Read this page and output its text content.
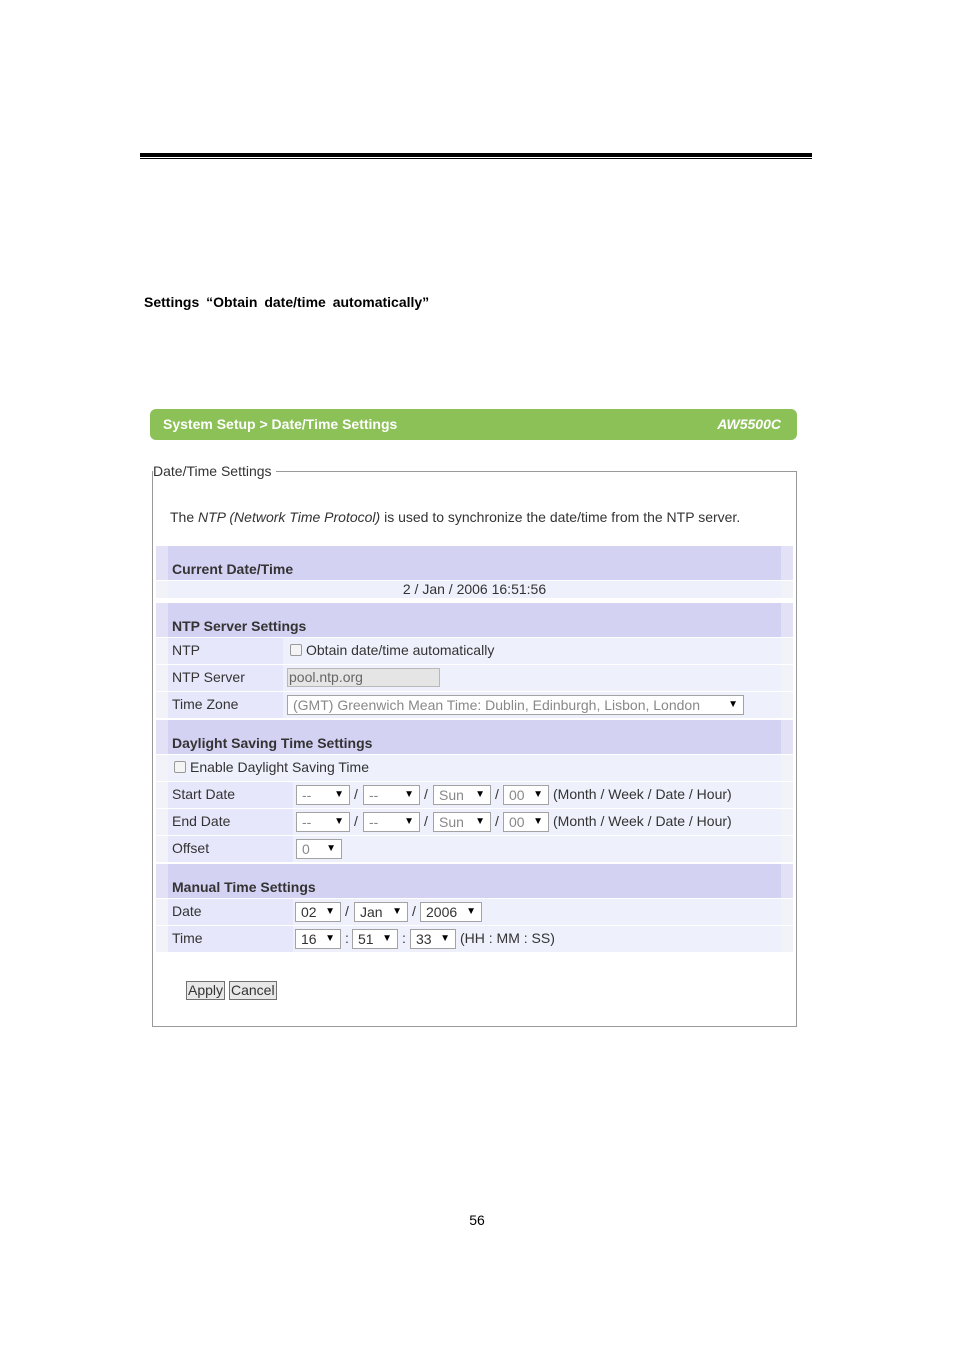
Settings “Obtain date/time automatically”
System Setup > Date/Time Settings	AW5500C
Date/Time Settings
The NTP (Network Time Protocol) is used to synchronize the date/time from the NTP server.
Current Date/Time
2 / Jan / 2006 16:51:56
NTP Server Settings
NTP	Obtain date/time automatically
NTP Server	pool.ntp.org
Time Zone	(GMT) Greenwich Mean Time: Dublin, Edinburgh, Lisbon, London	▼
Daylight Saving Time Settings
Enable Daylight Saving Time
Start Date	-- ▼ / --	▼ / Sun ▼ / 00 ▼ (Month / Week / Date / Hour)
End Date	-- ▼ / --	▼ / Sun ▼ / 00 ▼ (Month / Week / Date / Hour)
Offset	0 ▼
Manual Time Settings
Date	02 ▼ / Jan ▼ / 2006 ▼
Time	16 ▼ : 51 ▼ : 33 ▼ (HH : MM : SS)
Apply Cancel
56
